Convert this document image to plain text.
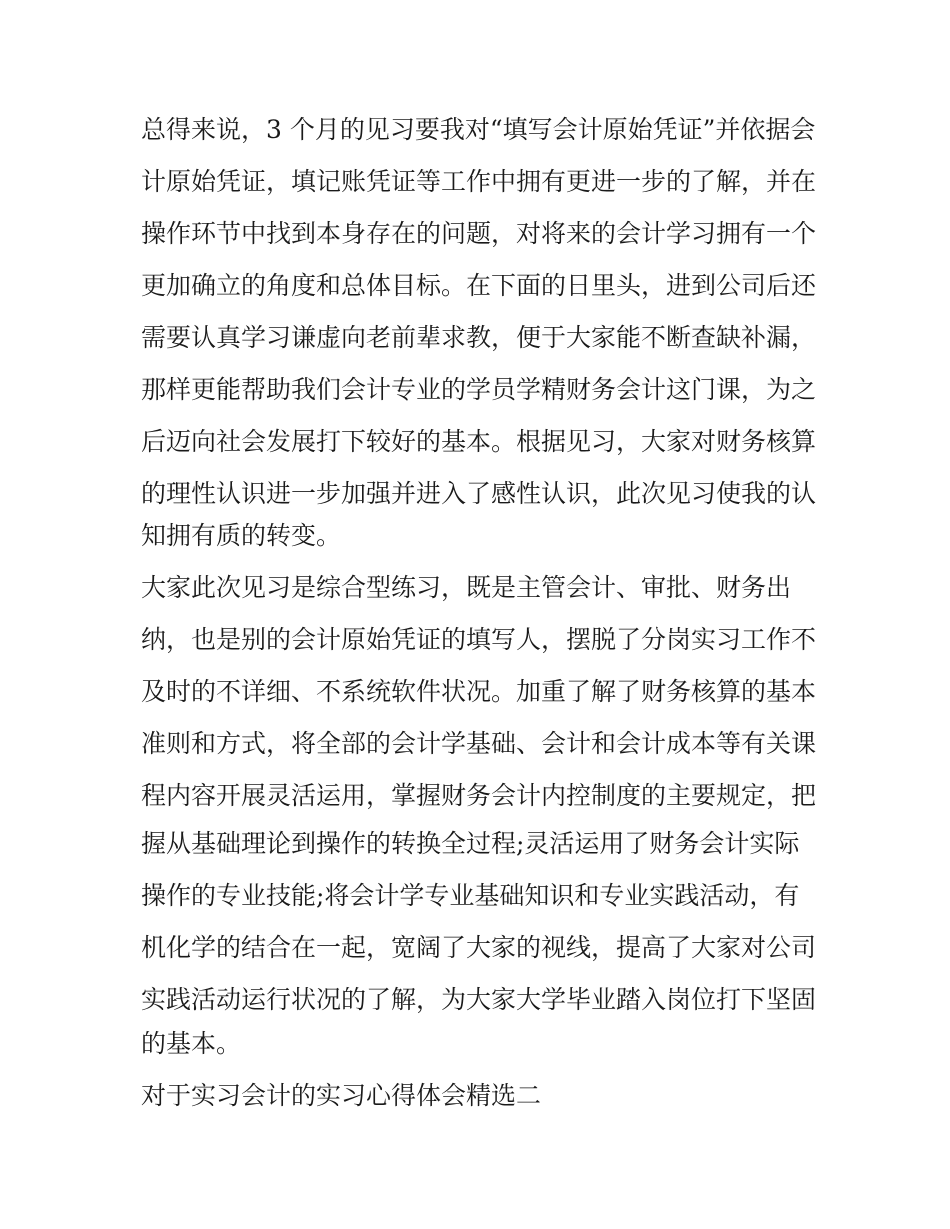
总得来说，3 个月的见习要我对“填写会计原始凭证”并依据会
计原始凭证，填记账凭证等工作中拥有更进一步的了解，并在
操作环节中找到本身存在的问题，对将来的会计学习拥有一个
更加确立的角度和总体目标。在下面的日里头，进到公司后还
需要认真学习谦虚向老前辈求教，便于大家能不断查缺补漏，
那样更能帮助我们会计专业的学员学精财务会计这门课，为之
后迈向社会发展打下较好的基本。根据见习，大家对财务核算
的理性认识进一步加强并进入了感性认识，此次见习使我的认
知拥有质的转变。
大家此次见习是综合型练习，既是主管会计、审批、财务出
纳，也是别的会计原始凭证的填写人，摆脱了分岗实习工作不
及时的不详细、不系统软件状况。加重了解了财务核算的基本
准则和方式，将全部的会计学基础、会计和会计成本等有关课
程内容开展灵活运用，掌握财务会计内控制度的主要规定，把
握从基础理论到操作的转换全过程;灵活运用了财务会计实际
操作的专业技能;将会计学专业基础知识和专业实践活动，有
机化学的结合在一起，宽阔了大家的视线，提高了大家对公司
实践活动运行状况的了解，为大家大学毕业踏入岗位打下坚固
的基本。
对于实习会计的实习心得体会精选二
